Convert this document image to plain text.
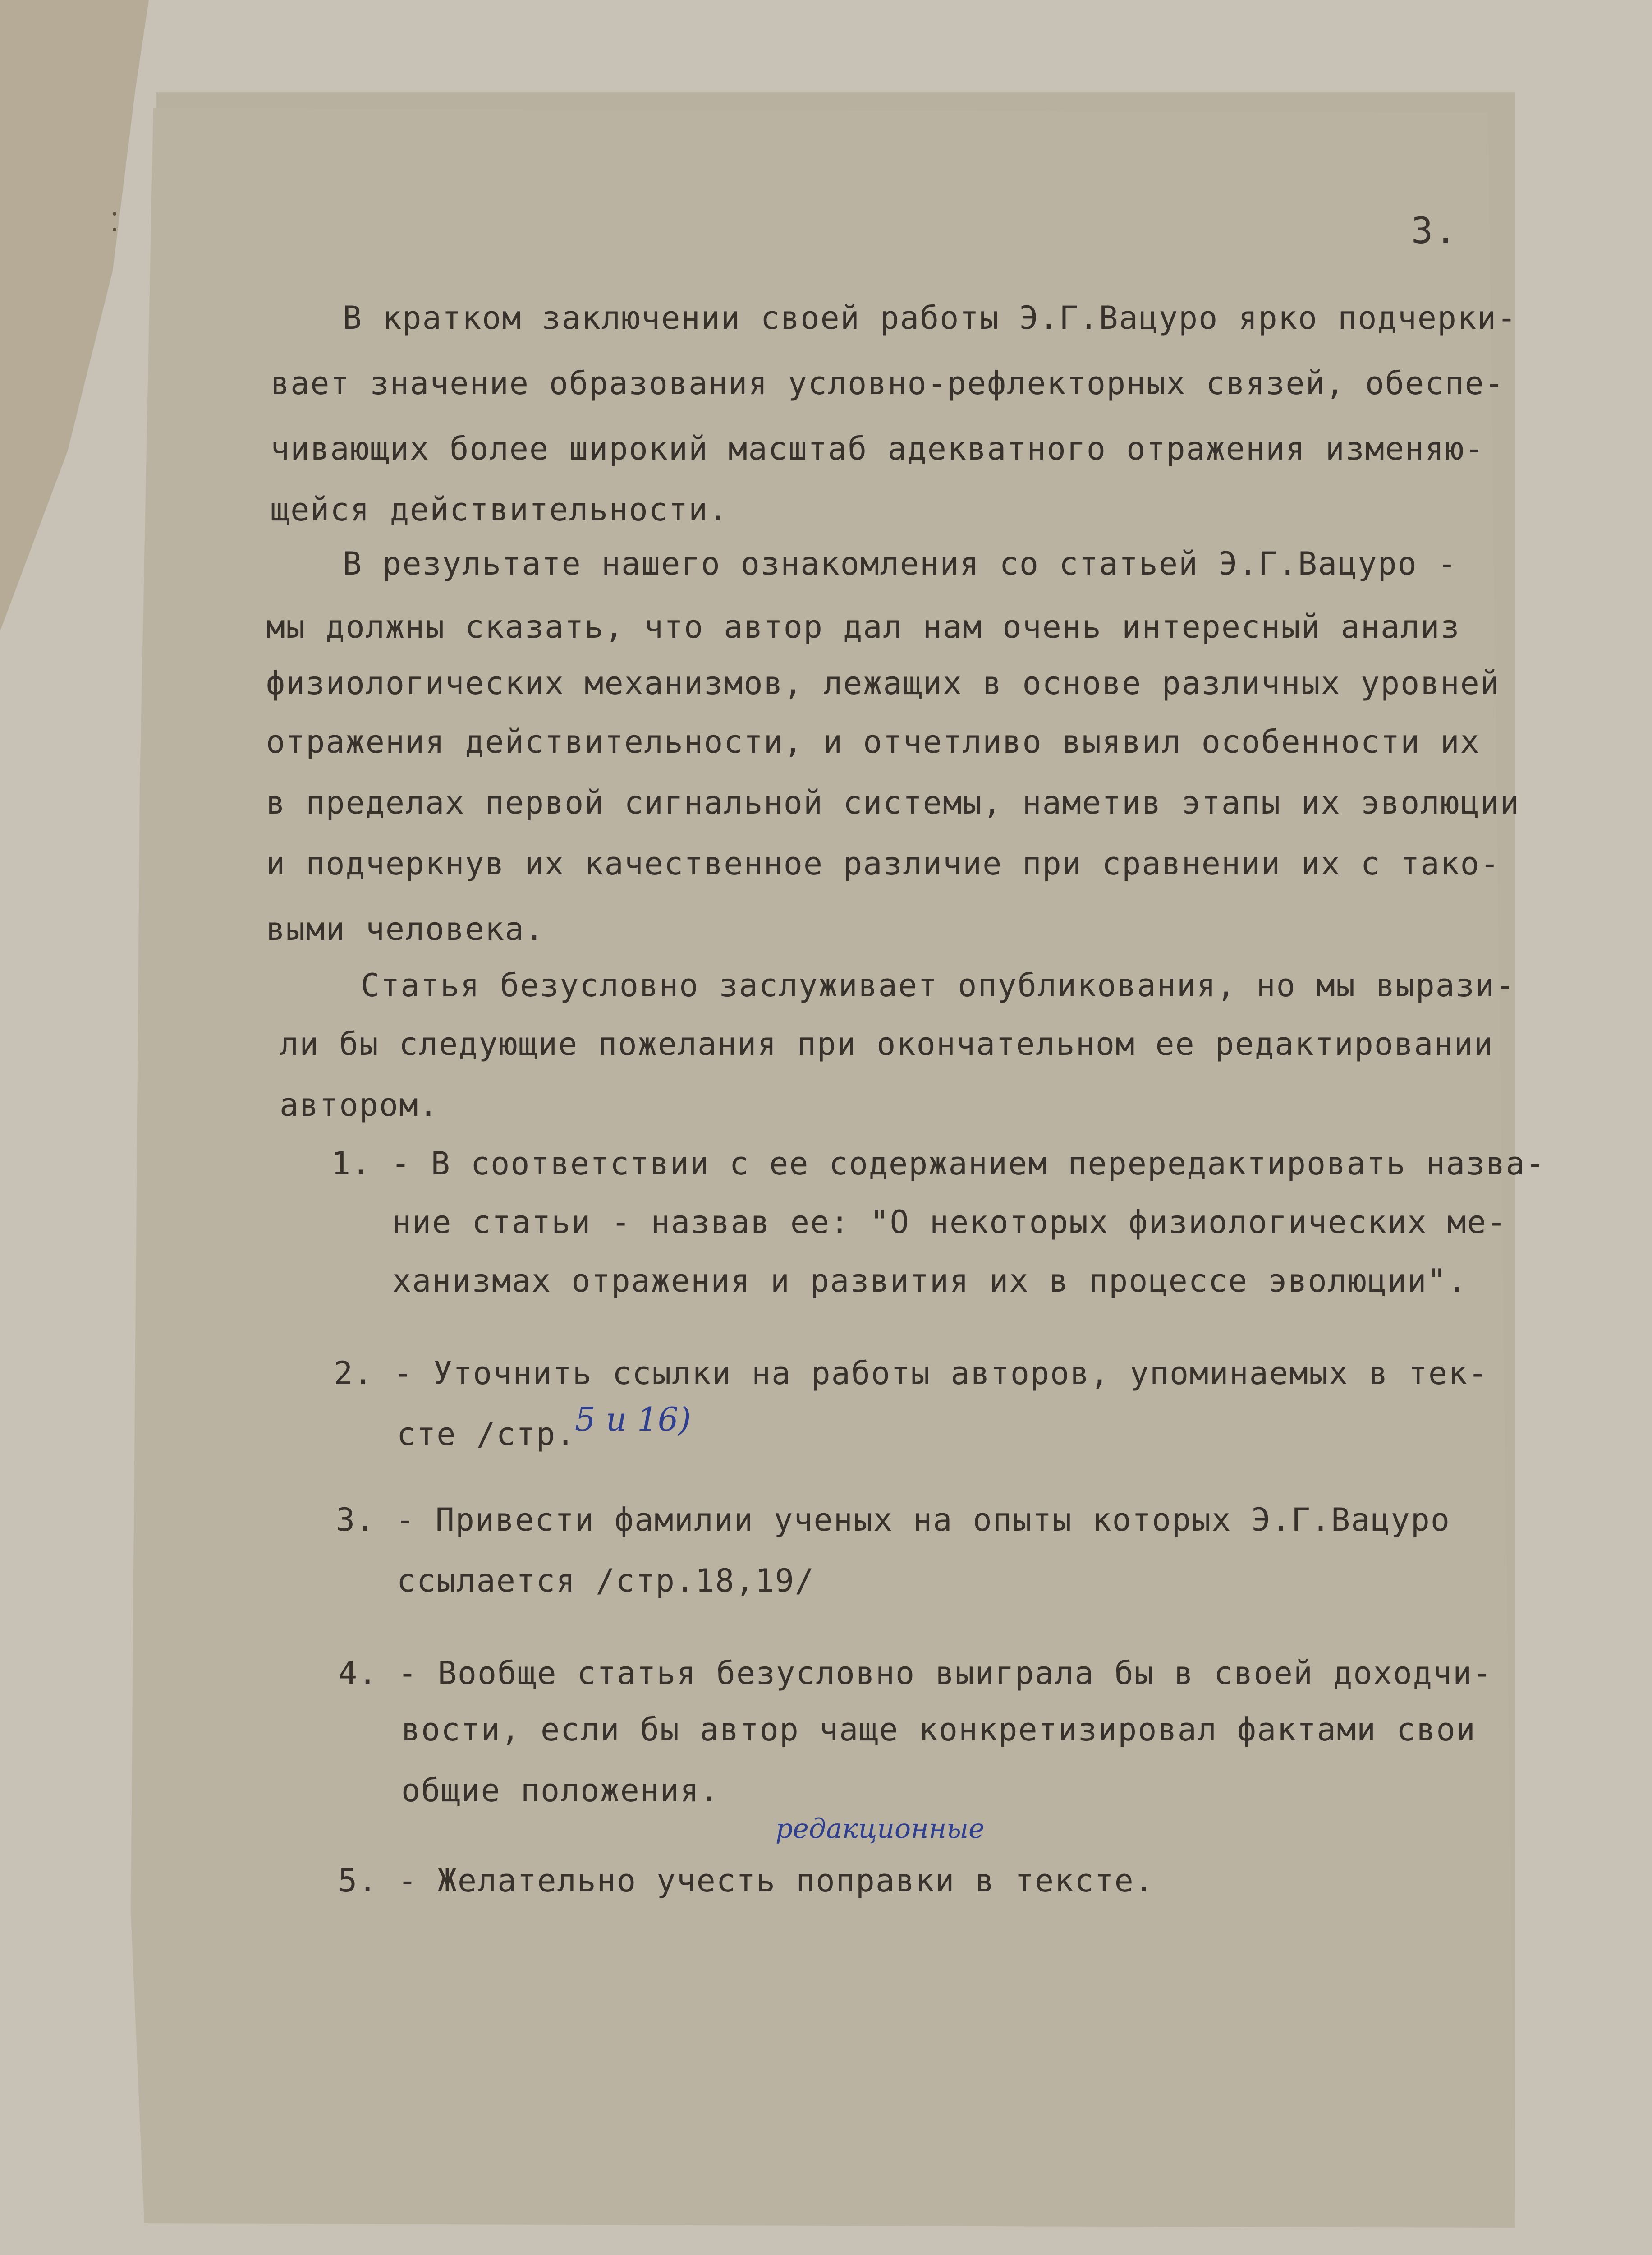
3.
В кратком заключении своей работы Э.Г.Вацуро ярко подчерки-
вает значение образования условно-рефлекторных связей, обеспе-
чивающих более широкий масштаб адекватного отражения изменяю-
щейся действительности.
В результате нашего ознакомления со статьей Э.Г.Вацуро -
мы должны сказать, что автор дал нам очень интересный анализ
физиологических механизмов, лежащих в основе различных уровней
отражения действительности, и отчетливо выявил особенности их
в пределах первой сигнальной системы, наметив этапы их эволюции
и подчеркнув их качественное различие при сравнении их с тако-
выми человека.
Статья безусловно заслуживает опубликования, но мы вырази-
ли бы следующие пожелания при окончательном ее редактировании
автором.
1. - В соответствии с ее содержанием перередактировать назва-
ние статьи - назвав ее: "О некоторых физиологических ме-
ханизмах отражения и развития их в процессе эволюции".
2. - Уточнить ссылки на работы авторов, упоминаемых в тек-
сте /стр.
5 и 16)
3. - Привести фамилии ученых на опыты которых Э.Г.Вацуро
ссылается /стр.18,19/
4. - Вообще статья безусловно выиграла бы в своей доходчи-
вости, если бы автор чаще конкретизировал фактами свои
общие положения.
5. - Желательно учесть поправки в тексте.
редакционные
